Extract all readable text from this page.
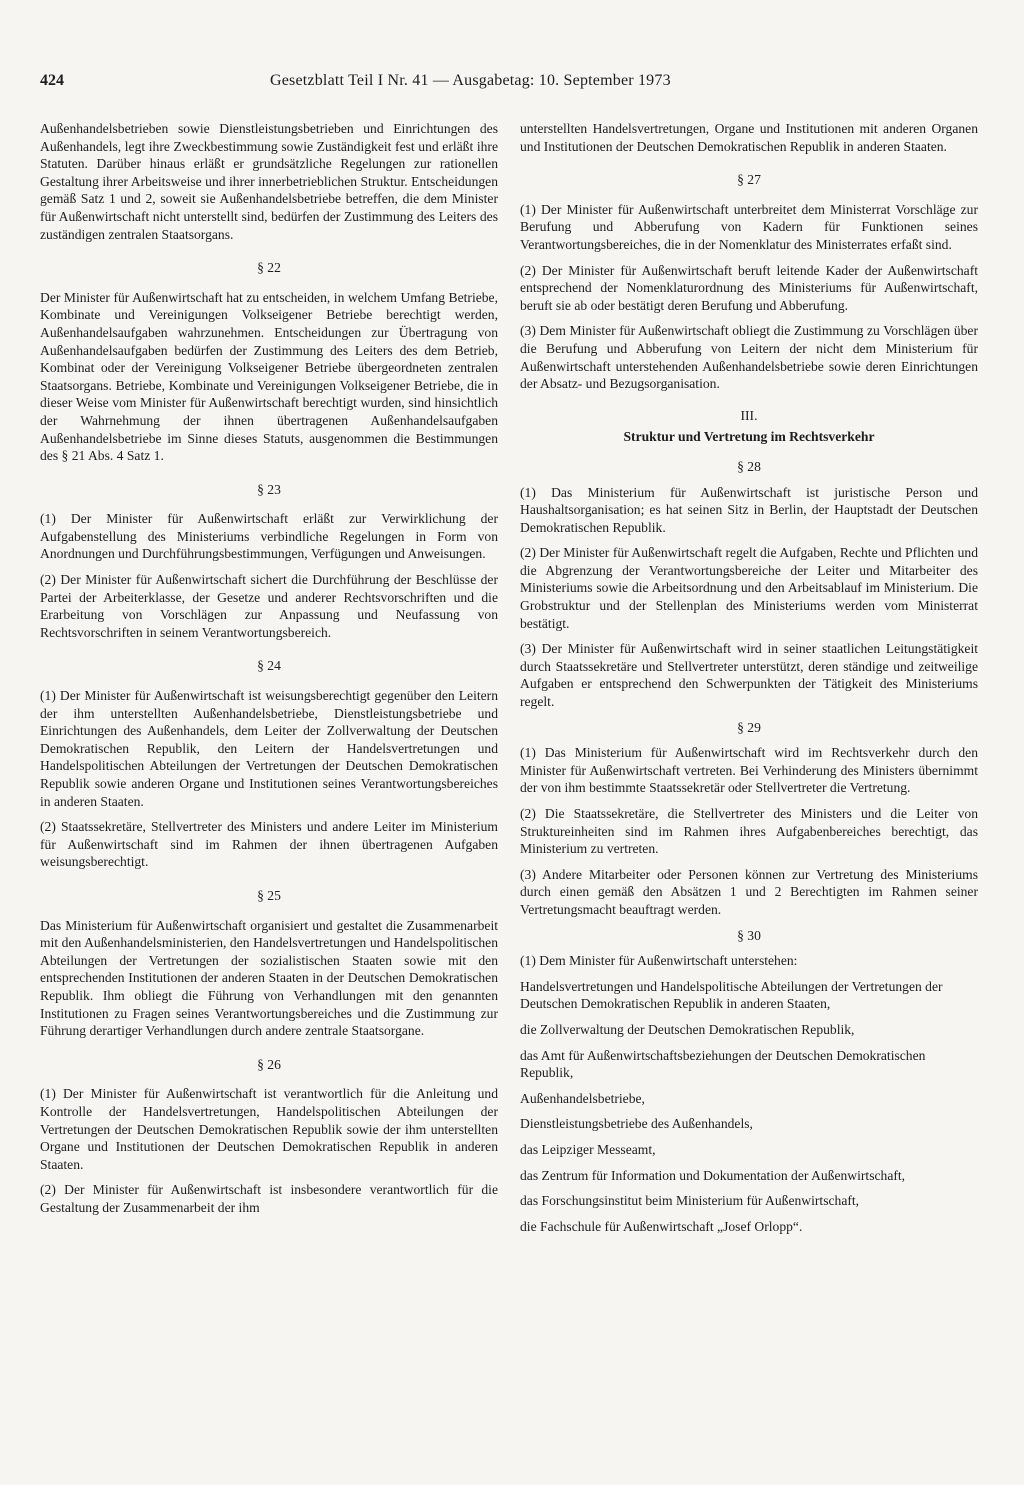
424	Gesetzblatt Teil I Nr. 41 — Ausgabetag: 10. September 1973

Außenhandelsbetrieben sowie Dienstleistungsbetrieben und Einrichtungen des Außenhandels, legt ihre Zweckbestimmung sowie Zuständigkeit fest und erläßt ihre Statuten. Darüber hinaus erläßt er grundsätzliche Regelungen zur rationellen Gestaltung ihrer Arbeitsweise und ihrer innerbetrieblichen Struktur. Entscheidungen gemäß Satz 1 und 2, soweit sie Außenhandelsbetriebe betreffen, die dem Minister für Außenwirtschaft nicht unterstellt sind, bedürfen der Zustimmung des Leiters des zuständigen zentralen Staatsorgans.

§ 22

Der Minister für Außenwirtschaft hat zu entscheiden, in welchem Umfang Betriebe, Kombinate und Vereinigungen Volkseigener Betriebe berechtigt werden, Außenhandelsaufgaben wahrzunehmen. Entscheidungen zur Übertragung von Außenhandelsaufgaben bedürfen der Zustimmung des Leiters des dem Betrieb, Kombinat oder der Vereinigung Volkseigener Betriebe übergeordneten zentralen Staatsorgans. Betriebe, Kombinate und Vereinigungen Volkseigener Betriebe, die in dieser Weise vom Minister für Außenwirtschaft berechtigt wurden, sind hinsichtlich der Wahrnehmung der ihnen übertragenen Außenhandelsaufgaben Außenhandelsbetriebe im Sinne dieses Statuts, ausgenommen die Bestimmungen des § 21 Abs. 4 Satz 1.

§ 23

(1) Der Minister für Außenwirtschaft erläßt zur Verwirklichung der Aufgabenstellung des Ministeriums verbindliche Regelungen in Form von Anordnungen und Durchführungsbestimmungen, Verfügungen und Anweisungen.

(2) Der Minister für Außenwirtschaft sichert die Durchführung der Beschlüsse der Partei der Arbeiterklasse, der Gesetze und anderer Rechtsvorschriften und die Erarbeitung von Vorschlägen zur Anpassung und Neufassung von Rechtsvorschriften in seinem Verantwortungsbereich.

§ 24

(1) Der Minister für Außenwirtschaft ist weisungsberechtigt gegenüber den Leitern der ihm unterstellten Außenhandelsbetriebe, Dienstleistungsbetriebe und Einrichtungen des Außenhandels, dem Leiter der Zollverwaltung der Deutschen Demokratischen Republik, den Leitern der Handelsvertretungen und Handelspolitischen Abteilungen der Vertretungen der Deutschen Demokratischen Republik sowie anderen Organe und Institutionen seines Verantwortungsbereiches in anderen Staaten.

(2) Staatssekretäre, Stellvertreter des Ministers und andere Leiter im Ministerium für Außenwirtschaft sind im Rahmen der ihnen übertragenen Aufgaben weisungsberechtigt.

§ 25

Das Ministerium für Außenwirtschaft organisiert und gestaltet die Zusammenarbeit mit den Außenhandelsministerien, den Handelsvertretungen und Handelspolitischen Abteilungen der Vertretungen der sozialistischen Staaten sowie mit den entsprechenden Institutionen der anderen Staaten in der Deutschen Demokratischen Republik. Ihm obliegt die Führung von Verhandlungen mit den genannten Institutionen zu Fragen seines Verantwortungsbereiches und die Zustimmung zur Führung derartiger Verhandlungen durch andere zentrale Staatsorgane.

§ 26

(1) Der Minister für Außenwirtschaft ist verantwortlich für die Anleitung und Kontrolle der Handelsvertretungen, Handelspolitischen Abteilungen der Vertretungen der Deutschen Demokratischen Republik sowie der ihm unterstellten Organe und Institutionen der Deutschen Demokratischen Republik in anderen Staaten.

(2) Der Minister für Außenwirtschaft ist insbesondere verantwortlich für die Gestaltung der Zusammenarbeit der ihm

unterstellten Handelsvertretungen, Organe und Institutionen mit anderen Organen und Institutionen der Deutschen Demokratischen Republik in anderen Staaten.

§ 27

(1) Der Minister für Außenwirtschaft unterbreitet dem Ministerrat Vorschläge zur Berufung und Abberufung von Kadern für Funktionen seines Verantwortungsbereiches, die in der Nomenklatur des Ministerrates erfaßt sind.

(2) Der Minister für Außenwirtschaft beruft leitende Kader der Außenwirtschaft entsprechend der Nomenklaturordnung des Ministeriums für Außenwirtschaft, beruft sie ab oder bestätigt deren Berufung und Abberufung.

(3) Dem Minister für Außenwirtschaft obliegt die Zustimmung zu Vorschlägen über die Berufung und Abberufung von Leitern der nicht dem Ministerium für Außenwirtschaft unterstehenden Außenhandelsbetriebe sowie deren Einrichtungen der Absatz- und Bezugsorganisation.

III.
Struktur und Vertretung im Rechtsverkehr
§ 28

(1) Das Ministerium für Außenwirtschaft ist juristische Person und Haushaltsorganisation; es hat seinen Sitz in Berlin, der Hauptstadt der Deutschen Demokratischen Republik.

(2) Der Minister für Außenwirtschaft regelt die Aufgaben, Rechte und Pflichten und die Abgrenzung der Verantwortungsbereiche der Leiter und Mitarbeiter des Ministeriums sowie die Arbeitsordnung und den Arbeitsablauf im Ministerium. Die Grobstruktur und der Stellenplan des Ministeriums werden vom Ministerrat bestätigt.

(3) Der Minister für Außenwirtschaft wird in seiner staatlichen Leitungstätigkeit durch Staatssekretäre und Stellvertreter unterstützt, deren ständige und zeitweilige Aufgaben er entsprechend den Schwerpunkten der Tätigkeit des Ministeriums regelt.

§ 29

(1) Das Ministerium für Außenwirtschaft wird im Rechtsverkehr durch den Minister für Außenwirtschaft vertreten. Bei Verhinderung des Ministers übernimmt der von ihm bestimmte Staatssekretär oder Stellvertreter die Vertretung.

(2) Die Staatssekretäre, die Stellvertreter des Ministers und die Leiter von Struktureinheiten sind im Rahmen ihres Aufgabenbereiches berechtigt, das Ministerium zu vertreten.

(3) Andere Mitarbeiter oder Personen können zur Vertretung des Ministeriums durch einen gemäß den Absätzen 1 und 2 Berechtigten im Rahmen seiner Vertretungsmacht beauftragt werden.

§ 30

(1) Dem Minister für Außenwirtschaft unterstehen:

Handelsvertretungen und Handelspolitische Abteilungen der Vertretungen der Deutschen Demokratischen Republik in anderen Staaten,

die Zollverwaltung der Deutschen Demokratischen Republik,

das Amt für Außenwirtschaftsbeziehungen der Deutschen Demokratischen Republik,

Außenhandelsbetriebe,

Dienstleistungsbetriebe des Außenhandels,

das Leipziger Messeamt,

das Zentrum für Information und Dokumentation der Außenwirtschaft,

das Forschungsinstitut beim Ministerium für Außenwirtschaft,

die Fachschule für Außenwirtschaft „Josef Orlopp“.
